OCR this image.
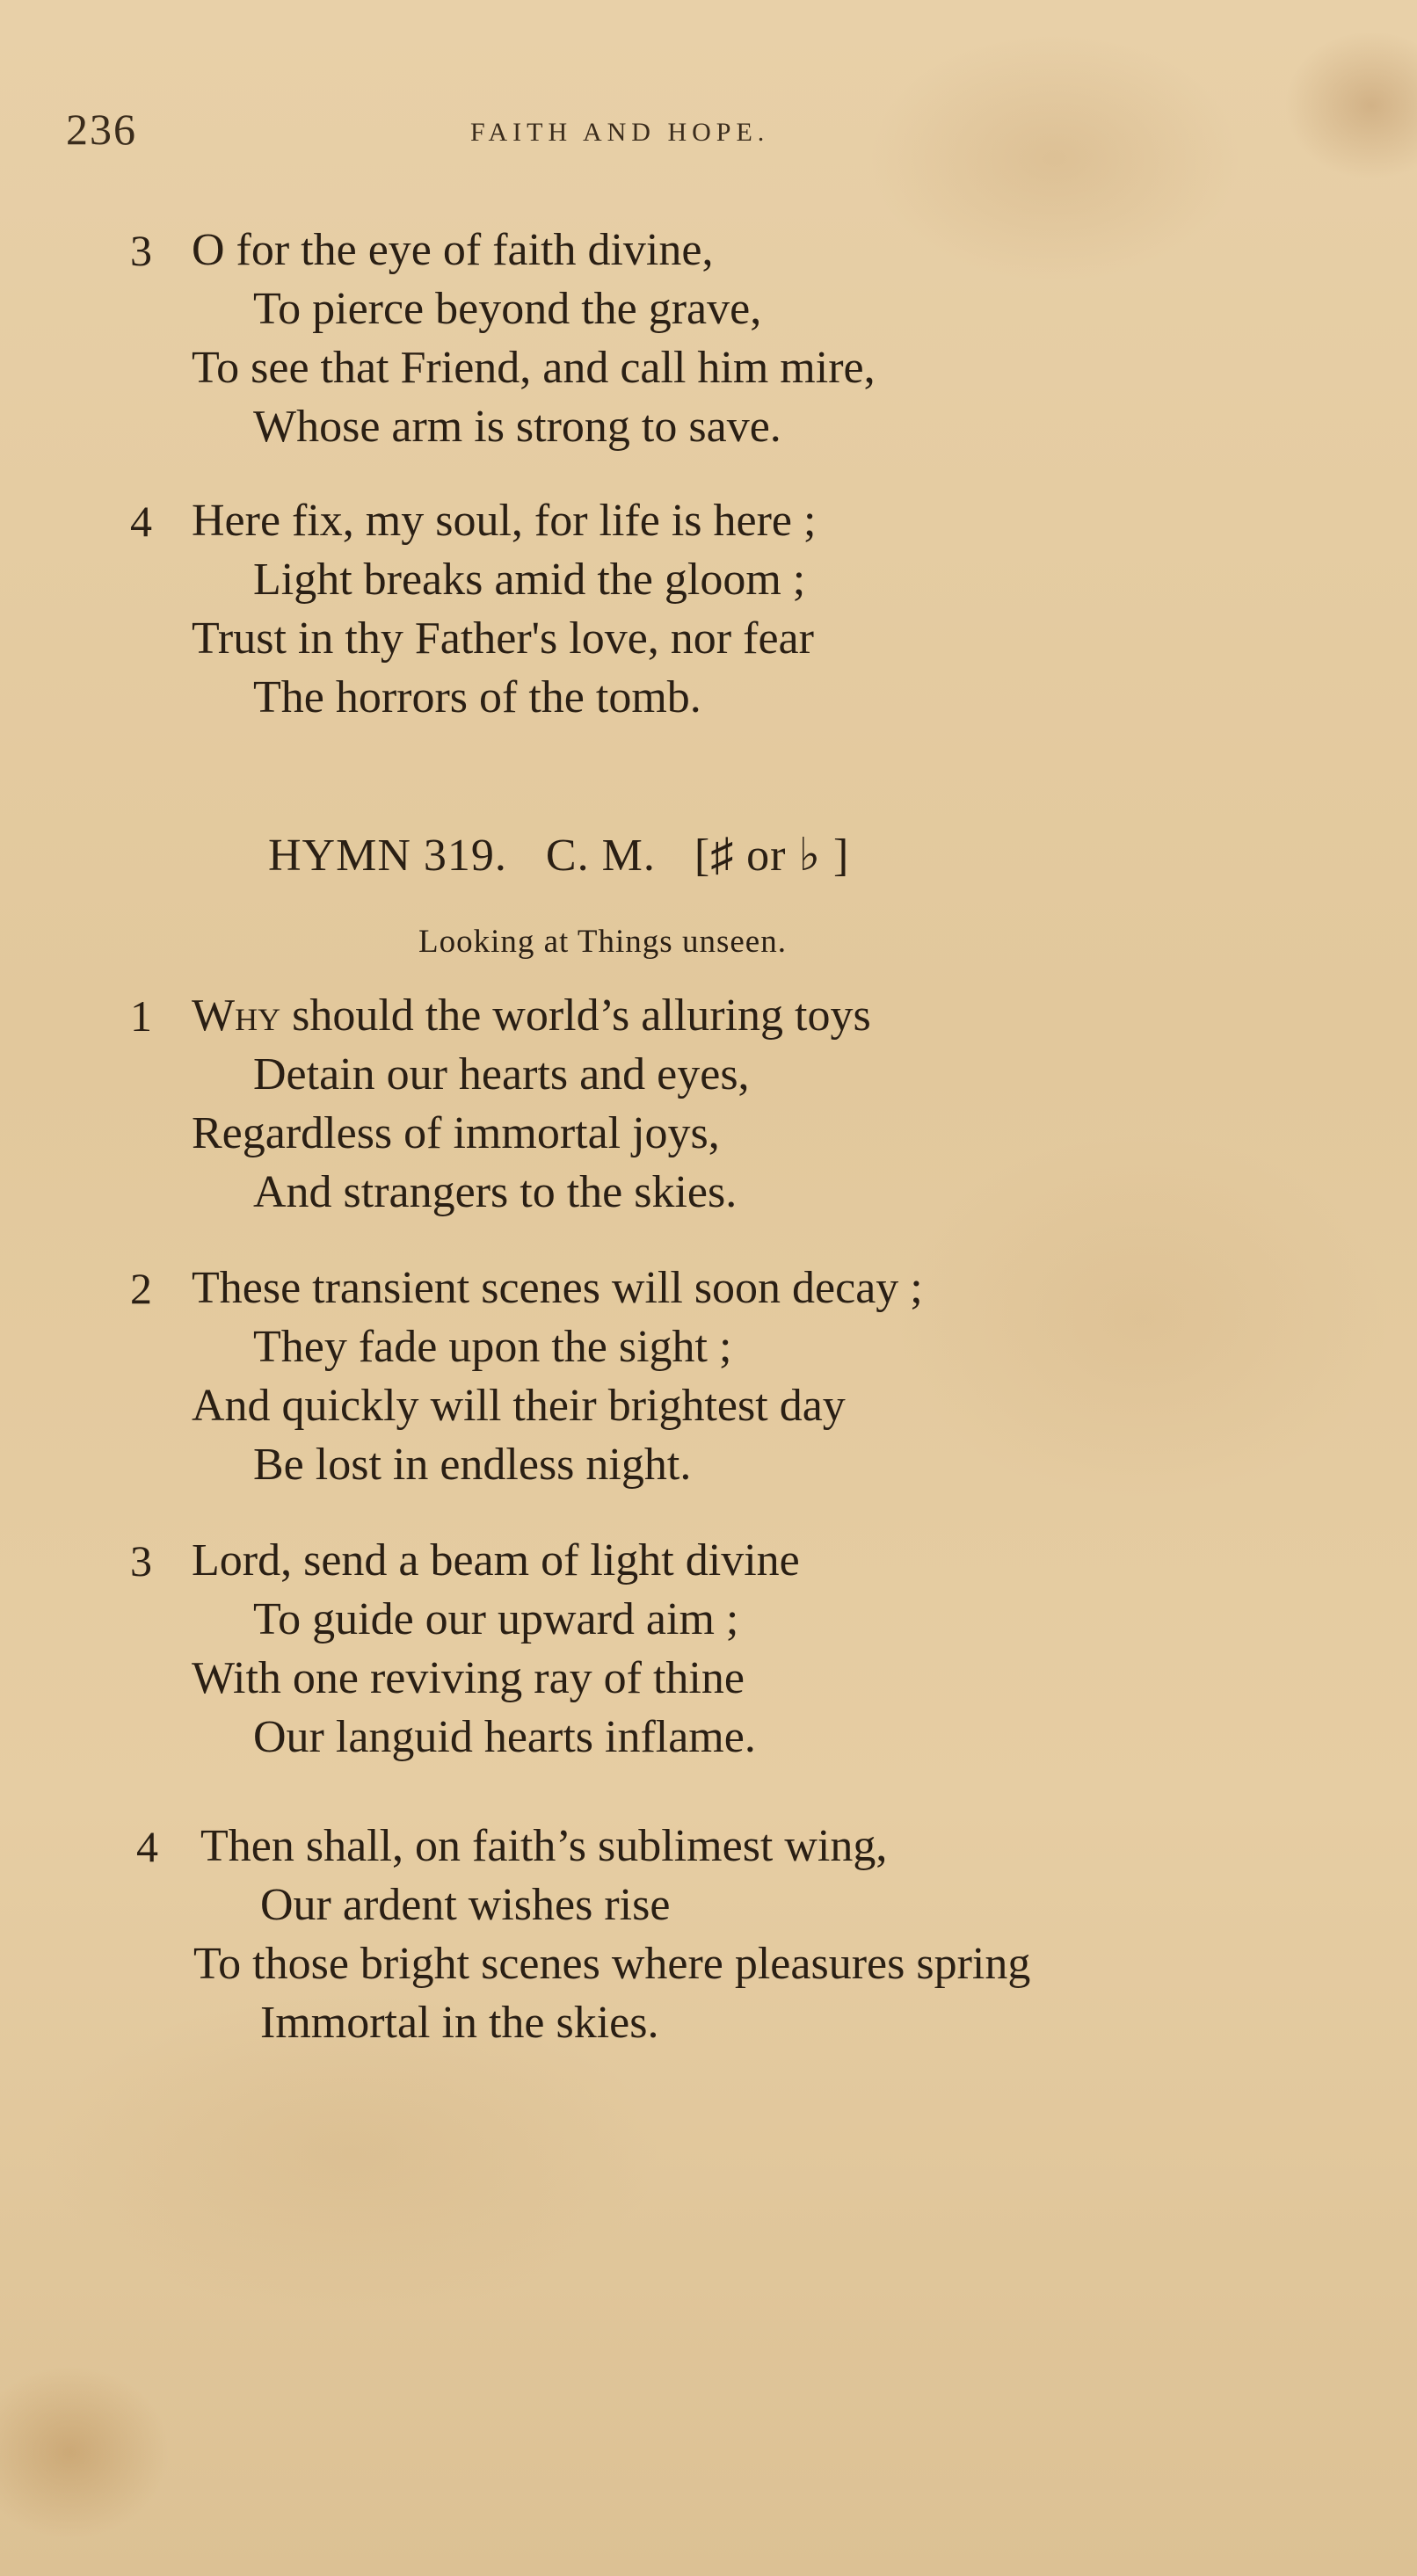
236	FAITH AND HOPE.
3 O for the eye of faith divine,
To pierce beyond the grave,
To see that Friend, and call him mire,
Whose arm is strong to save.
4 Here fix, my soul, for life is here ;
Light breaks amid the gloom ;
Trust in thy Father's love, nor fear
The horrors of the tomb.
HYMN 319. C. M. [♯ or ♭ ]
Looking at Things unseen.
1 Why should the world’s alluring toys
Detain our hearts and eyes,
Regardless of immortal joys,
And strangers to the skies.
2 These transient scenes will soon decay ;
They fade upon the sight ;
And quickly will their brightest day
Be lost in endless night.
3 Lord, send a beam of light divine
To guide our upward aim ;
With one reviving ray of thine
Our languid hearts inflame.
4 Then shall, on faith’s sublimest wing,
Our ardent wishes rise
To those bright scenes where pleasures spring
Immortal in the skies.
